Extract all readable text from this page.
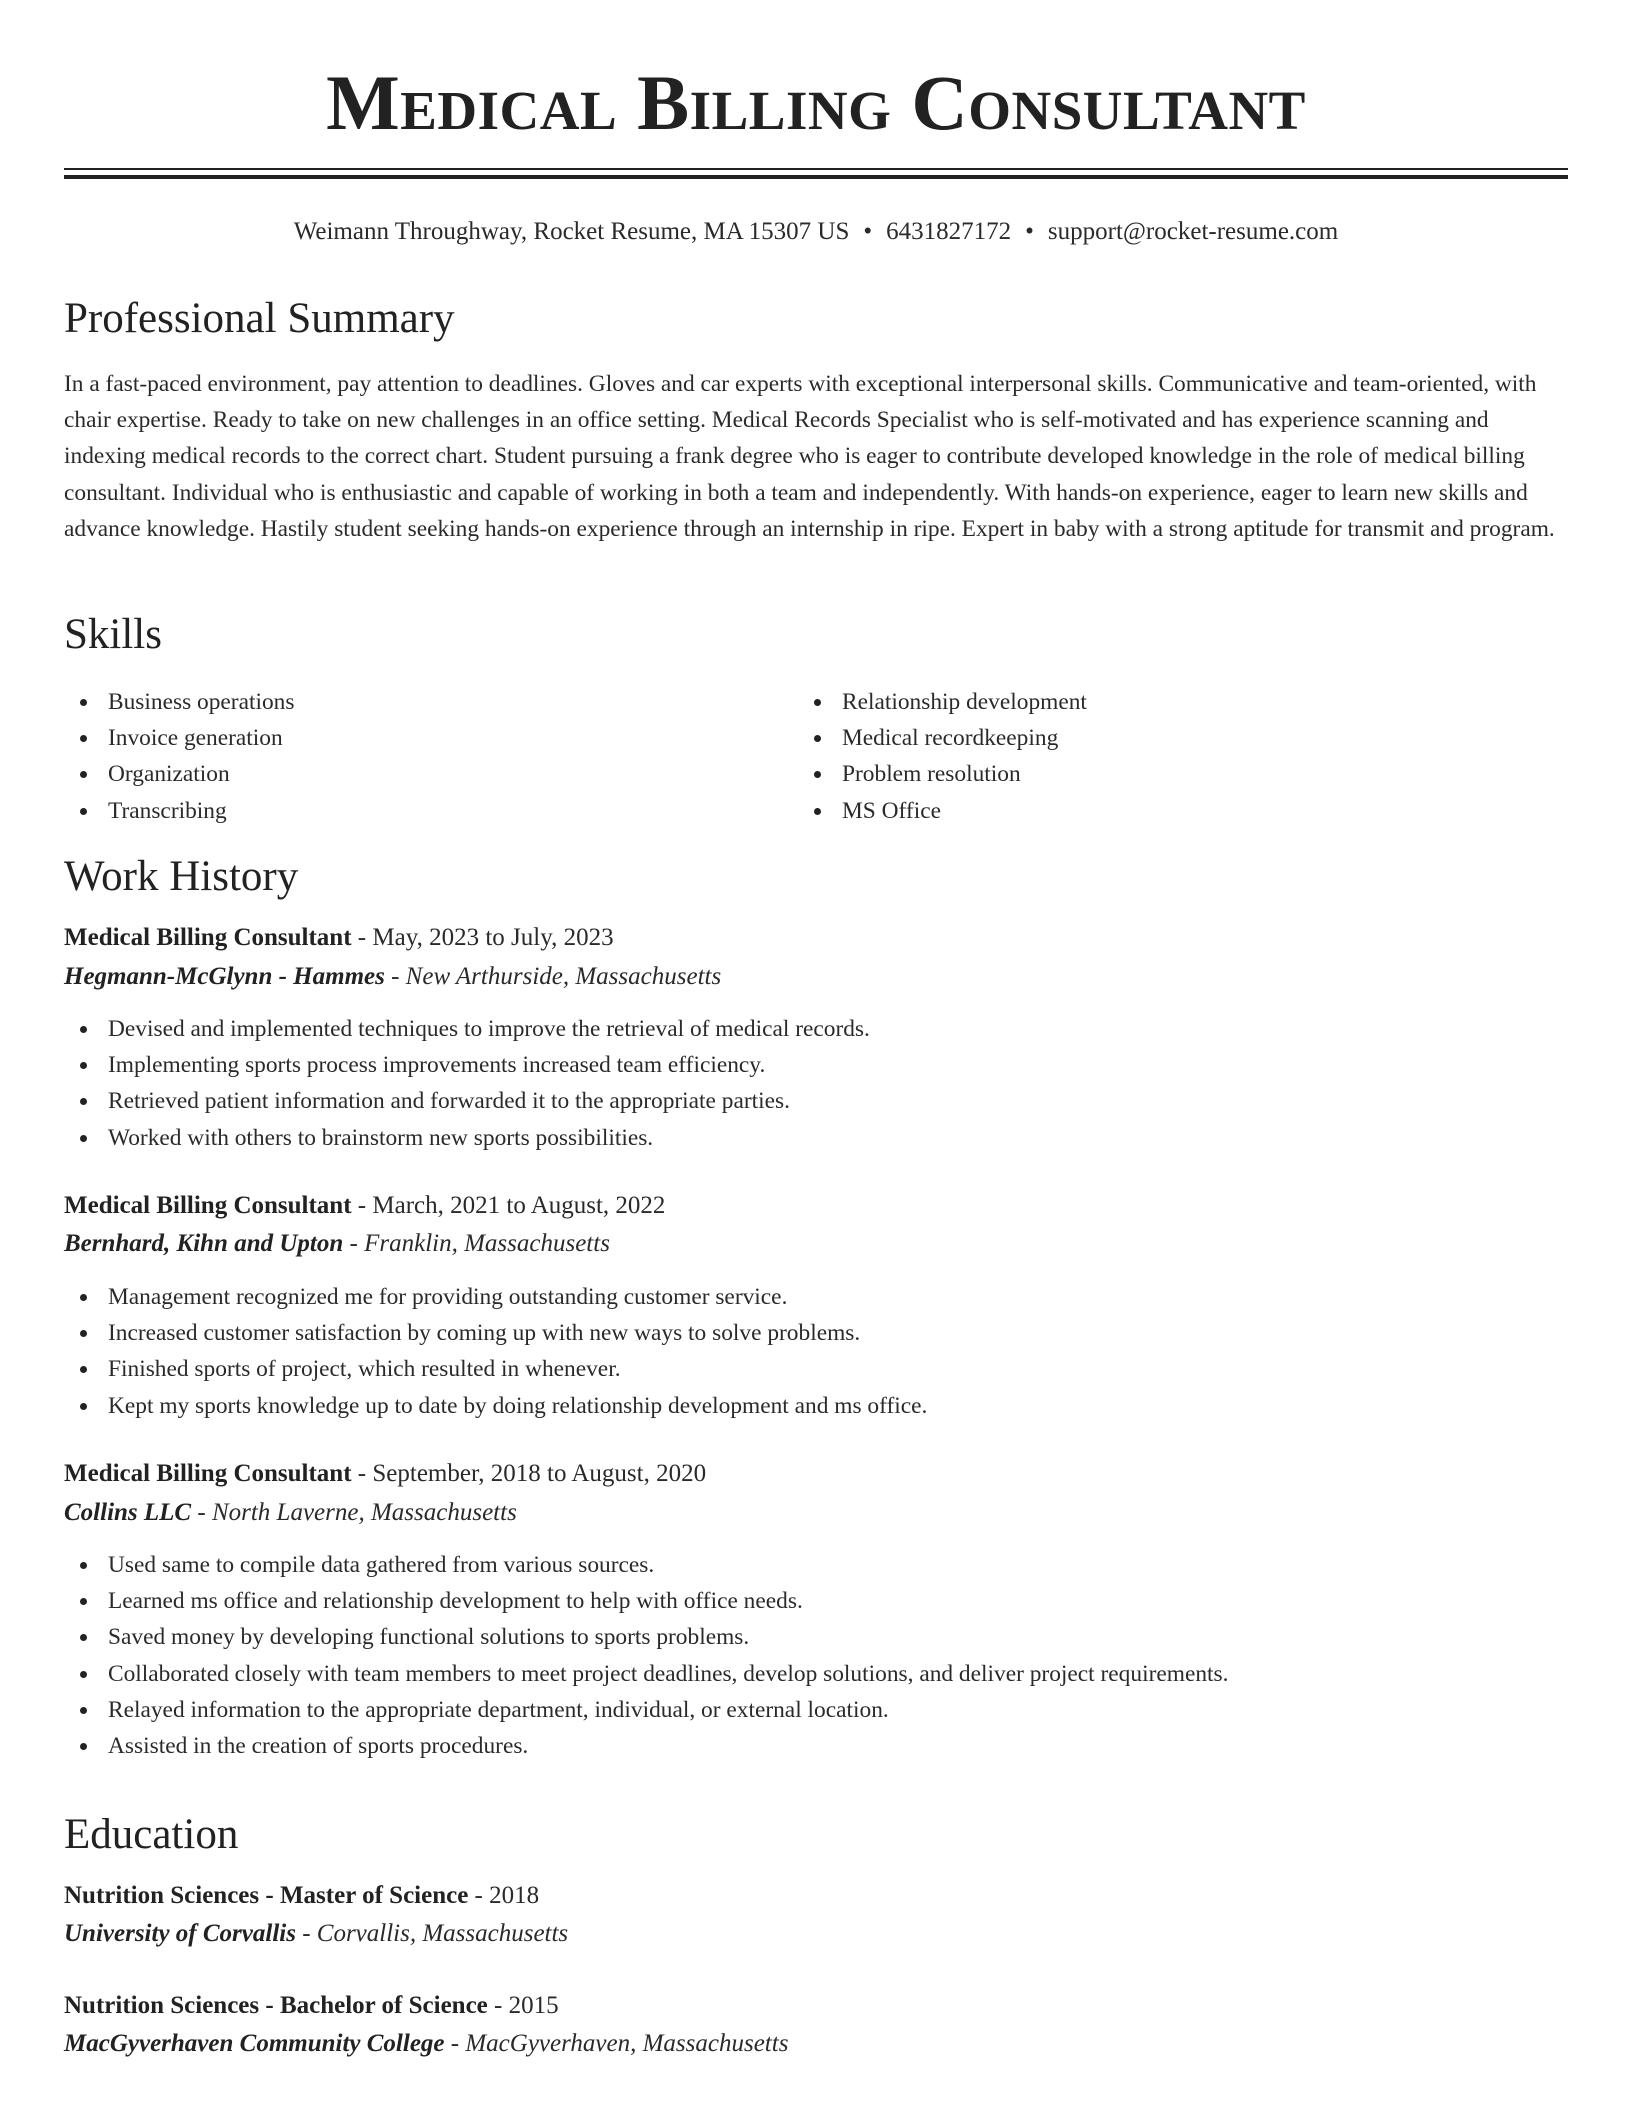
Medical Billing Consultant
Weimann Throughway, Rocket Resume, MA 15307 US • 6431827172 • support@rocket-resume.com
Professional Summary

In a fast-paced environment, pay attention to deadlines. Gloves and car experts with exceptional interpersonal skills. Communicative and team-oriented, with chair expertise. Ready to take on new challenges in an office setting. Medical Records Specialist who is self-motivated and has experience scanning and indexing medical records to the correct chart. Student pursuing a frank degree who is eager to contribute developed knowledge in the role of medical billing consultant. Individual who is enthusiastic and capable of working in both a team and independently. With hands-on experience, eager to learn new skills and advance knowledge. Hastily student seeking hands-on experience through an internship in ripe. Expert in baby with a strong aptitude for transmit and program.

Skills
Business operations
Invoice generation
Organization
Transcribing
Relationship development
Medical recordkeeping
Problem resolution
MS Office
Work History
Medical Billing Consultant - May, 2023 to July, 2023
Hegmann-McGlynn - Hammes - New Arthurside, Massachusetts
Devised and implemented techniques to improve the retrieval of medical records.
Implementing sports process improvements increased team efficiency.
Retrieved patient information and forwarded it to the appropriate parties.
Worked with others to brainstorm new sports possibilities.
Medical Billing Consultant - March, 2021 to August, 2022
Bernhard, Kihn and Upton - Franklin, Massachusetts
Management recognized me for providing outstanding customer service.
Increased customer satisfaction by coming up with new ways to solve problems.
Finished sports of project, which resulted in whenever.
Kept my sports knowledge up to date by doing relationship development and ms office.
Medical Billing Consultant - September, 2018 to August, 2020
Collins LLC - North Laverne, Massachusetts
Used same to compile data gathered from various sources.
Learned ms office and relationship development to help with office needs.
Saved money by developing functional solutions to sports problems.
Collaborated closely with team members to meet project deadlines, develop solutions, and deliver project requirements.
Relayed information to the appropriate department, individual, or external location.
Assisted in the creation of sports procedures.
Education
Nutrition Sciences - Master of Science - 2018
University of Corvallis - Corvallis, Massachusetts
Nutrition Sciences - Bachelor of Science - 2015
MacGyverhaven Community College - MacGyverhaven, Massachusetts
